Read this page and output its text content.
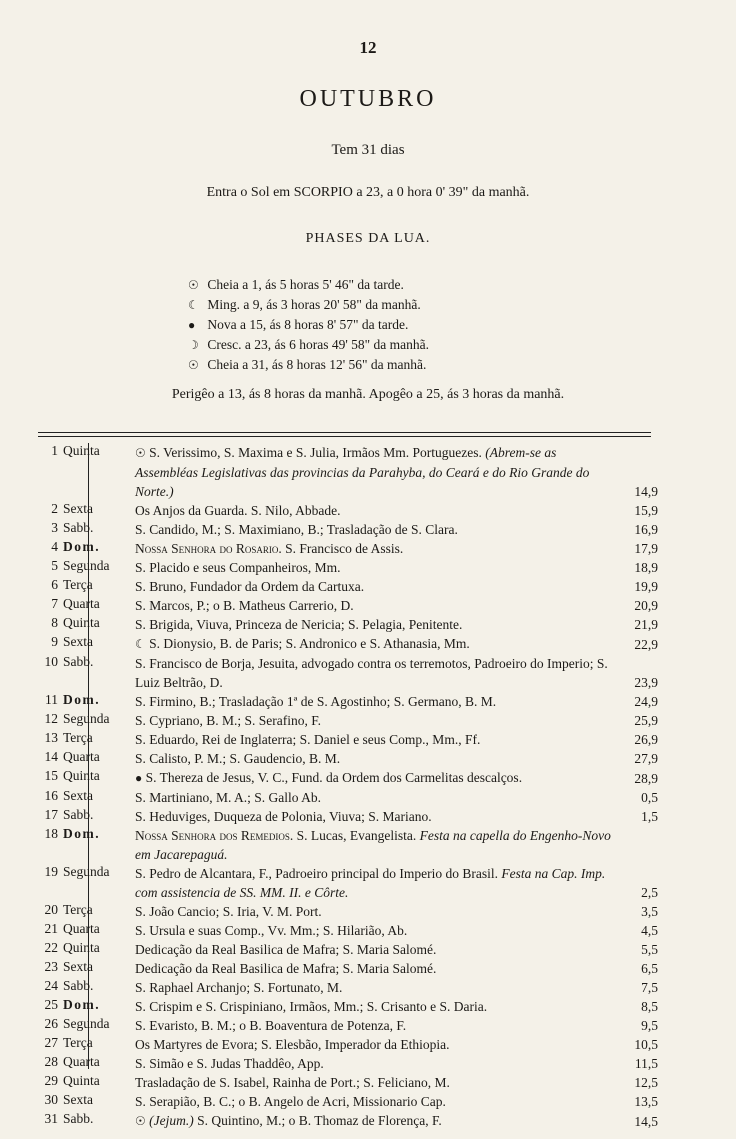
12
OUTUBRO
Tem 31 dias
Entra o Sol em SCORPIO a 23, a 0 hora 0' 39" da manhã.
PHASES DA LUA.
☉ Cheia a 1, ás 5 horas 5' 46" da tarde.
☾ Ming. a 9, ás 3 horas 20' 58" da manhã.
● Nova a 15, ás 8 horas 8' 57" da tarde.
☽ Cresc. a 23, ás 6 horas 49' 58" da manhã.
☉ Cheia a 31, ás 8 horas 12' 56" da manhã.
Perigêo a 13, ás 8 horas da manhã. Apogêo a 25, ás 3 horas da manhã.
1 Quinta	☉ S. Verissimo, S. Maxima e S. Julia, Irmãos Mm. Portuguezes. (Abrem-se as Assembléas Legislativas das provincias da Parahyba, do Ceará e do Rio Grande do Norte.)	14,9
2 Sexta	Os Anjos da Guarda. S. Nilo, Abbade.	15,9
3 Sabb.	S. Candido, M.; S. Maximiano, B.; Trasladação de S. Clara.	16,9
4 Dom.	Nossa Senhora do Rosario. S. Francisco de Assis.	17,9
5 Segunda	S. Placido e seus Companheiros, Mm.	18,9
6 Terça	S. Bruno, Fundador da Ordem da Cartuxa.	19,9
7 Quarta	S. Marcos, P.; o B. Matheus Carrerio, D.	20,9
8 Quinta	S. Brigida, Viuva, Princeza de Nericia; S. Pelagia, Penitente.	21,9
9 Sexta	☾ S. Dionysio, B. de Paris; S. Andronico e S. Athanasia, Mm.	22,9
10 Sabb.	S. Francisco de Borja, Jesuita, advogado contra os terremotos, Padroeiro do Imperio; S. Luiz Beltrão, D.	23,9
11 Dom.	S. Firmino, B.; Trasladação 1ª de S. Agostinho; S. Germano, B. M.	24,9
12 Segunda	S. Cypriano, B. M.; S. Serafino, F.	25,9
13 Terça	S. Eduardo, Rei de Inglaterra; S. Daniel e seus Comp., Mm., Ff.	26,9
14 Quarta	S. Calisto, P. M.; S. Gaudencio, B. M.	27,9
15 Quinta	● S. Thereza de Jesus, V. C., Fund. da Ordem dos Carmelitas descalços.	28,9
16 Sexta	S. Martiniano, M. A.; S. Gallo Ab.	0,5
17 Sabb.	S. Heduviges, Duqueza de Polonia, Viuva; S. Mariano.	1,5
18 Dom.	Nossa Senhora dos Remedios. S. Lucas, Evangelista. Festa na capella do Engenho-Novo em Jacarepaguá.
19 Segunda	S. Pedro de Alcantara, F., Padroeiro principal do Imperio do Brasil. Festa na Cap. Imp. com assistencia de SS. MM. II. e Côrte.	2,5
20 Terça	S. João Cancio; S. Iria, V. M. Port.	3,5
21 Quarta	S. Ursula e suas Comp., Vv. Mm.; S. Hilarião, Ab.	4,5
22 Quinta	Dedicação da Real Basilica de Mafra; S. Maria Salomé.	5,5
23 Sexta	Dedicação da Real Basilica de Mafra; S. Maria Salomé.	6,5
24 Sabb.	S. Raphael Archanjo; S. Fortunato, M.	7,5
25 Dom.	S. Crispim e S. Crispiniano, Irmãos, Mm.; S. Crisanto e S. Daria.	8,5
26 Segunda	S. Evaristo, B. M.; o B. Boaventura de Potenza, F.	9,5
27 Terça	Os Martyres de Evora; S. Elesbão, Imperador da Ethiopia.	10,5
28 Quarta	S. Simão e S. Judas Thaddêo, App.	11,5
29 Quinta	Trasladação de S. Isabel, Rainha de Port.; S. Feliciano, M.	12,5
30 Sexta	S. Serapião, B. C.; o B. Angelo de Acri, Missionario Cap.	13,5
31 Sabb.	☉ (Jejum.) S. Quintino, M.; o B. Thomaz de Florença, F.	14,5
